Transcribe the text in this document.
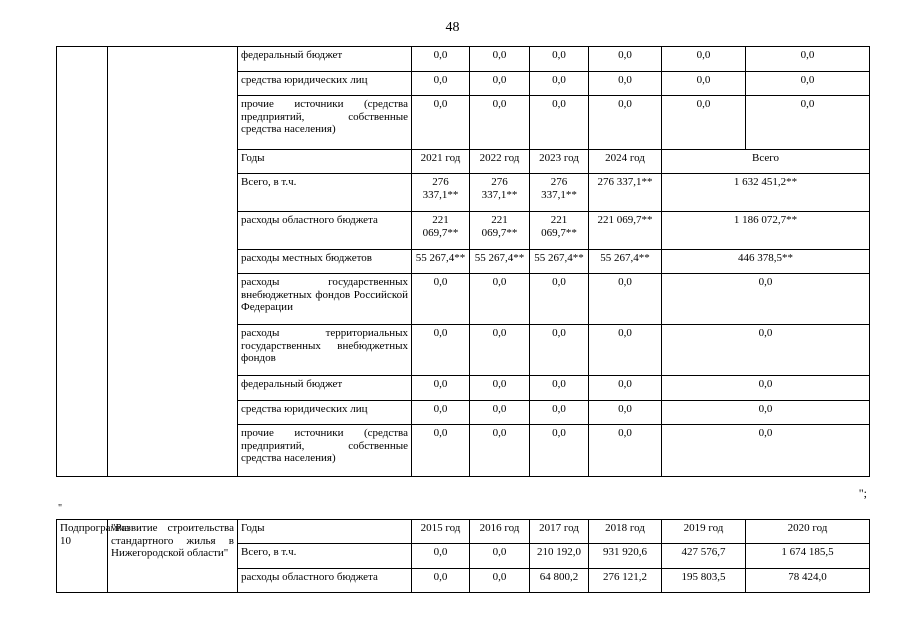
48
		федеральный бюджет	0,0	0,0	0,0	0,0	0,0	0,0
		средства юридических лиц	0,0	0,0	0,0	0,0	0,0	0,0
		прочие источники (средства предприятий, собственные средства населения)	0,0	0,0	0,0	0,0	0,0	0,0
		Годы	2021 год	2022 год	2023 год	2024 год	Всего	
		Всего, в т.ч.	276 337,1**	276 337,1**	276 337,1**	276 337,1**	1 632 451,2**	
		расходы областного бюджета	221 069,7**	221 069,7**	221 069,7**	221 069,7**	1 186 072,7**	
		расходы местных бюджетов	55 267,4**	55 267,4**	55 267,4**	55 267,4**	446 378,5**	
		расходы государственных внебюджетных фондов Российской Федерации	0,0	0,0	0,0	0,0	0,0	
		расходы территориальных государственных внебюджетных фондов	0,0	0,0	0,0	0,0	0,0	
		федеральный бюджет	0,0	0,0	0,0	0,0	0,0	
		средства юридических лиц	0,0	0,0	0,0	0,0	0,0	
		прочие источники (средства предприятий, собственные средства населения)	0,0	0,0	0,0	0,0	0,0	
";
"
Подпрограмма 10	"Развитие строительства стандартного жилья в Нижегородской области"	Годы	2015 год	2016 год	2017 год	2018 год	2019 год	2020 год
		Всего, в т.ч.	0,0	0,0	210 192,0	931 920,6	427 576,7	1 674 185,5
		расходы областного бюджета	0,0	0,0	64 800,2	276 121,2	195 803,5	78 424,0
